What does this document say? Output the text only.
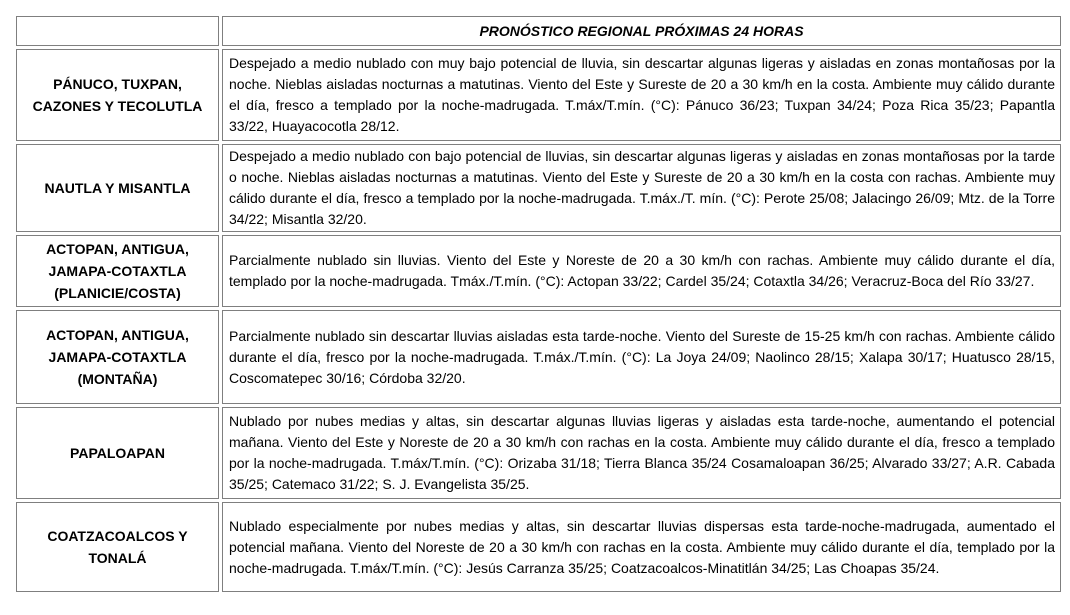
	PRONÓSTICO REGIONAL PRÓXIMAS 24 HORAS
PÁNUCO, TUXPAN, CAZONES Y TECOLUTLA	Despejado a medio nublado con muy bajo potencial de lluvia, sin descartar algunas ligeras y aisladas en zonas montañosas por la noche. Nieblas aisladas nocturnas a matutinas. Viento del Este y Sureste de 20 a 30 km/h en la costa. Ambiente muy cálido durante el día, fresco a templado por la noche-madrugada. T.máx/T.mín. (°C): Pánuco 36/23; Tuxpan 34/24; Poza Rica 35/23; Papantla 33/22, Huayacocotla 28/12.
NAUTLA Y MISANTLA	Despejado a medio nublado con bajo potencial de lluvias, sin descartar algunas ligeras y aisladas en zonas montañosas por la tarde o noche. Nieblas aisladas nocturnas a matutinas. Viento del Este y Sureste de 20 a 30 km/h en la costa con rachas. Ambiente muy cálido durante el día, fresco a templado por la noche-madrugada. T.máx./T. mín. (°C): Perote 25/08; Jalacingo 26/09; Mtz. de la Torre 34/22; Misantla 32/20.
ACTOPAN, ANTIGUA, JAMAPA-COTAXTLA (PLANICIE/COSTA)	Parcialmente nublado sin lluvias. Viento del Este y Noreste de 20 a 30 km/h con rachas. Ambiente muy cálido durante el día, templado por la noche-madrugada. Tmáx./T.mín. (°C): Actopan 33/22; Cardel 35/24; Cotaxtla 34/26; Veracruz-Boca del Río 33/27.
ACTOPAN, ANTIGUA, JAMAPA-COTAXTLA (MONTAÑA)	Parcialmente nublado sin descartar lluvias aisladas esta tarde-noche. Viento del Sureste de 15-25 km/h con rachas. Ambiente cálido durante el día, fresco por la noche-madrugada. T.máx./T.mín. (°C): La Joya 24/09; Naolinco 28/15; Xalapa 30/17; Huatusco 28/15, Coscomatepec 30/16; Córdoba 32/20.
PAPALOAPAN	Nublado por nubes medias y altas, sin descartar algunas lluvias ligeras y aisladas esta tarde-noche, aumentando el potencial mañana. Viento del Este y Noreste de 20 a 30 km/h con rachas en la costa. Ambiente muy cálido durante el día, fresco a templado por la noche-madrugada. T.máx/T.mín. (°C): Orizaba 31/18; Tierra Blanca 35/24 Cosamaloapan 36/25; Alvarado 33/27; A.R. Cabada 35/25; Catemaco 31/22; S. J. Evangelista 35/25.
COATZACOALCOS Y TONALÁ	Nublado especialmente por nubes medias y altas, sin descartar lluvias dispersas esta tarde-noche-madrugada, aumentado el potencial mañana. Viento del Noreste de 20 a 30 km/h con rachas en la costa. Ambiente muy cálido durante el día, templado por la noche-madrugada. T.máx/T.mín. (°C): Jesús Carranza 35/25; Coatzacoalcos-Minatitlán 34/25; Las Choapas 35/24.
